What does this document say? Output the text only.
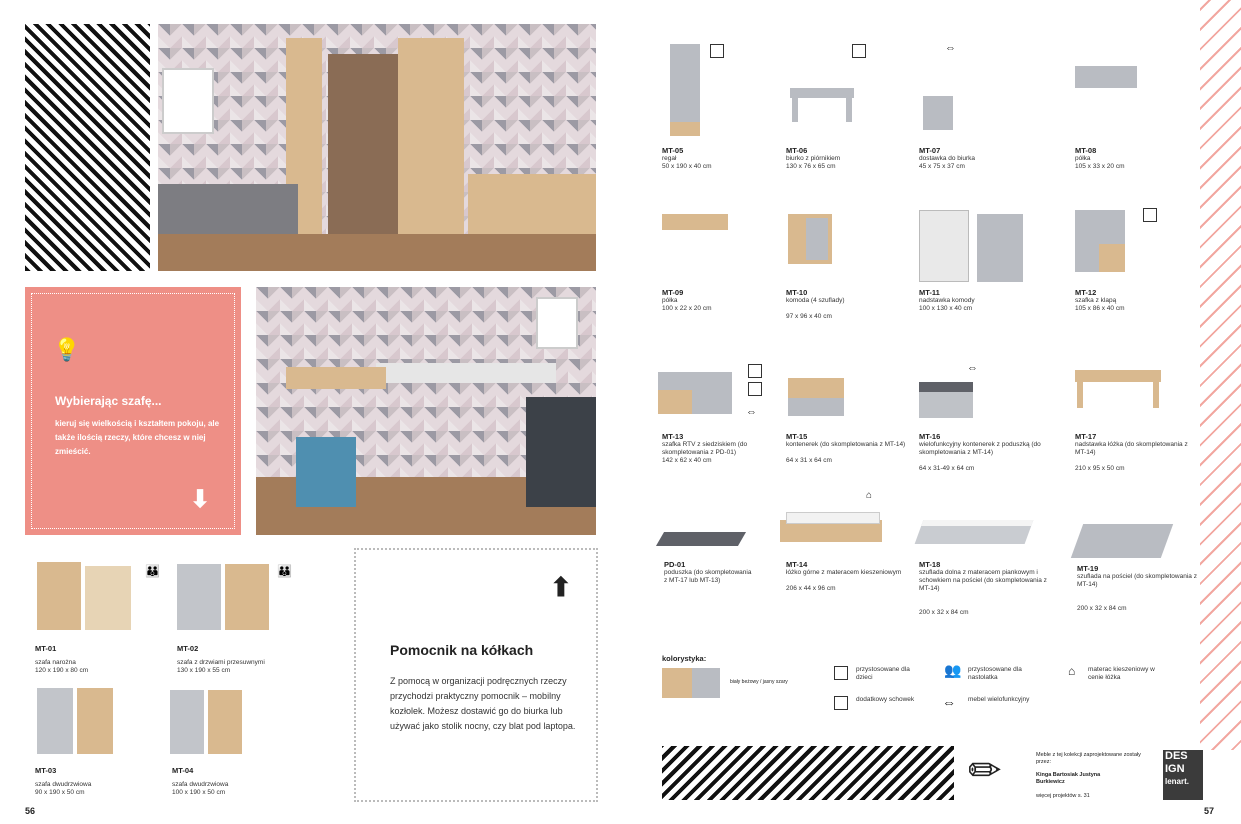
💡
Wybierając szafę...
kieruj się wielkością i kształtem pokoju, ale także ilością rzeczy, które chcesz w niej zmieścić.
⬇
👪
MT-01
szafa narożna
120 x 190 x 80 cm
👪
MT-02
szafa z drzwiami przesuwnymi
130 x 190 x 55 cm
MT-03
szafa dwudrzwiowa
90 x 190 x 50 cm
MT-04
szafa dwudrzwiowa
100 x 190 x 50 cm
⬆
Pomocnik na kółkach
Z pomocą w organizacji podręcznych rzeczy przychodzi praktyczny pomocnik – mobilny kozłolek. Możesz dostawić go do biurka lub używać jako stolik nocny, czy blat pod laptopa.
56
MT-05
regał
50 x 190 x 40 cm
MT-06
biurko z piórnikiem
130 x 76 x 65 cm
⇔
MT-07
dostawka do biurka
45 x 75 x 37 cm
MT-08
półka
105 x 33 x 20 cm
MT-09
półka
100 x 22 x 20 cm
MT-10
komoda (4 szuflady)
97 x 96 x 40 cm
MT-11
nadstawka komody
100 x 130 x 40 cm
MT-12
szafka z klapą
105 x 86 x 40 cm
⇔
MT-13
szafka RTV z siedziskiem (do skompletowania z PD-01)
142 x 62 x 40 cm
MT-15
kontenerek (do skompletowania z MT-14)
64 x 31 x 64 cm
⇔
MT-16
wielofunkcyjny kontenerek z poduszką (do skompletowania z MT-14)
64 x 31-49 x 64 cm
MT-17
nadstawka łóżka (do skompletowania z MT-14)
210 x 95 x 50 cm
PD-01
poduszka (do skompletowania z MT-17 lub MT-13)
⌂
MT-14
łóżko górne z materacem kieszeniowym
206 x 44 x 96 cm
MT-18
szuflada dolna z materacem piankowym i schowkiem na pościel (do skompletowania z MT-14)
200 x 32 x 84 cm
MT-19
szuflada na pościel (do skompletowania z MT-14)
200 x 32 x 84 cm
kolorystyka:
biały beżowy / jasny szary
przystosowane dla dzieci	👥 przystosowane dla nastolatka	⌂ materac kieszeniowy w cenie łóżka
dodatkowy schowek ⇔ mebel wielofunkcyjny
✏	Meble z tej kolekcji zaprojektowane zostały przez:
Kinga Bartosiak Justyna Burkiewicz
więcej projektów s. 31
DES
IGN
lenart.
57
